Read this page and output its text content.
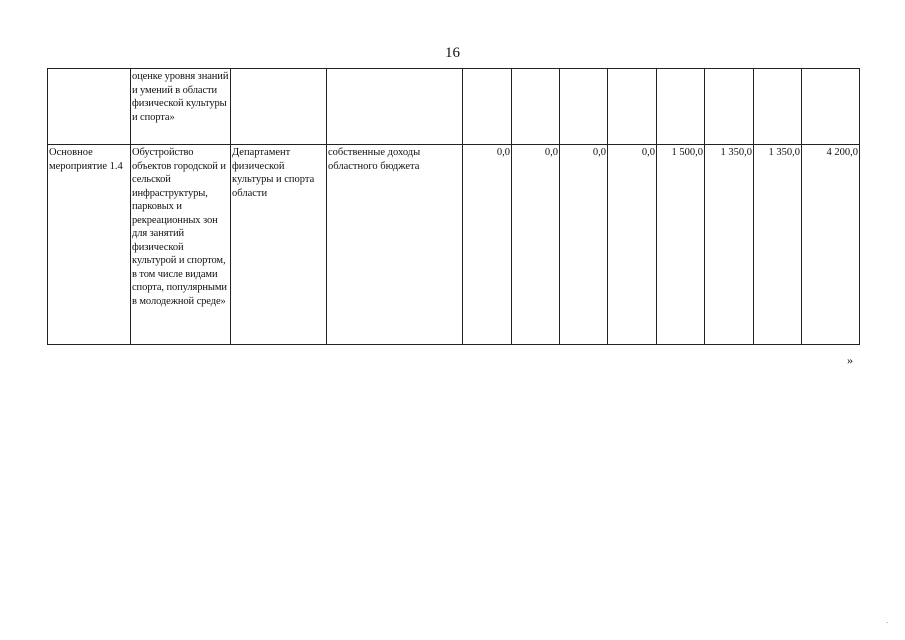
16
	оценке уровня знаний и умений в области физической культуры и спорта»										
Основное мероприятие 1.4	Обустройство объектов городской и сельской инфраструктуры, парковых и рекреационных зон для занятий физической культурой и спортом, в том числе видами спорта, популярными в молодежной среде»	Департамент физической культуры и спорта области	собственные доходы областного бюджета	0,0	0,0	0,0	0,0	1 500,0	1 350,0	1 350,0	4 200,0
»
.
